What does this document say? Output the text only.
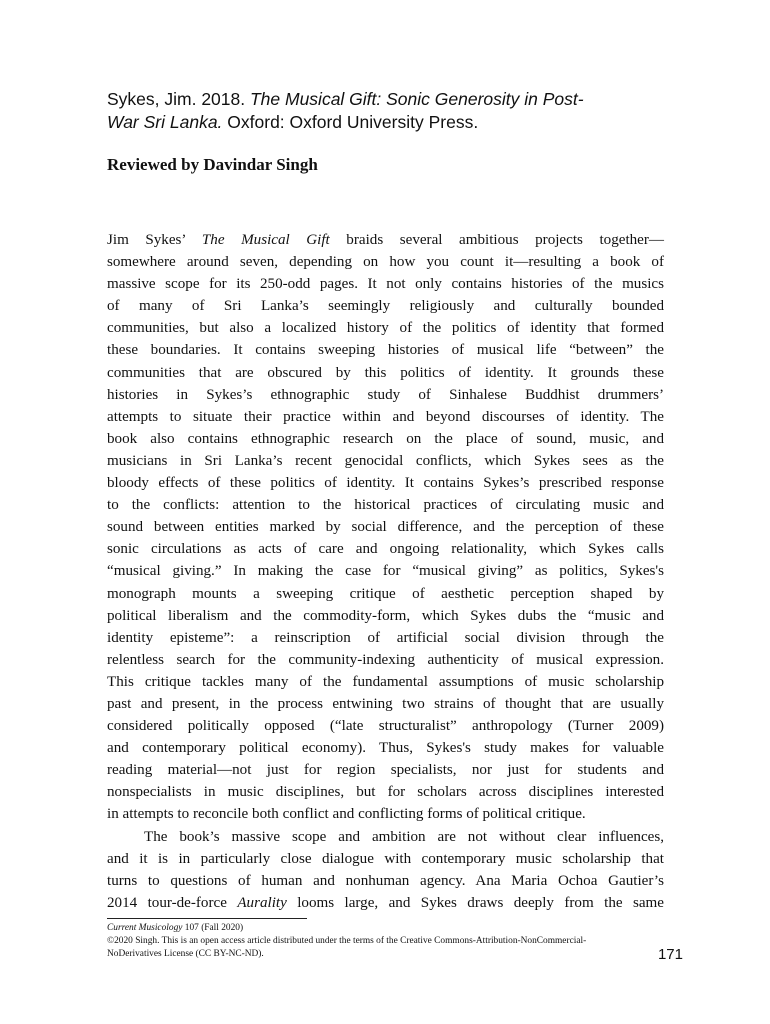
Sykes, Jim. 2018. The Musical Gift: Sonic Generosity in Post-
War Sri Lanka. Oxford: Oxford University Press.
Reviewed by Davindar Singh
Jim Sykes’ The Musical Gift braids several ambitious projects together—
somewhere around seven, depending on how you count it—resulting a book of
massive scope for its 250-odd pages. It not only contains histories of the musics
of many of Sri Lanka’s seemingly religiously and culturally bounded
communities, but also a localized history of the politics of identity that formed
these boundaries. It contains sweeping histories of musical life “between” the
communities that are obscured by this politics of identity. It grounds these
histories in Sykes’s ethnographic study of Sinhalese Buddhist drummers’
attempts to situate their practice within and beyond discourses of identity. The
book also contains ethnographic research on the place of sound, music, and
musicians in Sri Lanka’s recent genocidal conflicts, which Sykes sees as the
bloody effects of these politics of identity. It contains Sykes’s prescribed response
to the conflicts: attention to the historical practices of circulating music and
sound between entities marked by social difference, and the perception of these
sonic circulations as acts of care and ongoing relationality, which Sykes calls
“musical giving.” In making the case for “musical giving” as politics, Sykes's
monograph mounts a sweeping critique of aesthetic perception shaped by
political liberalism and the commodity-form, which Sykes dubs the “music and
identity episteme”: a reinscription of artificial social division through the
relentless search for the community-indexing authenticity of musical expression.
This critique tackles many of the fundamental assumptions of music scholarship
past and present, in the process entwining two strains of thought that are usually
considered politically opposed (“late structuralist” anthropology (Turner 2009)
and contemporary political economy). Thus, Sykes's study makes for valuable
reading material—not just for region specialists, nor just for students and
nonspecialists in music disciplines, but for scholars across disciplines interested
in attempts to reconcile both conflict and conflicting forms of political critique.
The book’s massive scope and ambition are not without clear influences,
and it is in particularly close dialogue with contemporary music scholarship that
turns to questions of human and nonhuman agency. Ana Maria Ochoa Gautier’s
2014 tour-de-force Aurality looms large, and Sykes draws deeply from the same
Current Musicology 107 (Fall 2020)
©2020 Singh. This is an open access article distributed under the terms of the Creative Commons-Attribution-NonCommercial-
NoDerivatives License (CC BY-NC-ND).	171
